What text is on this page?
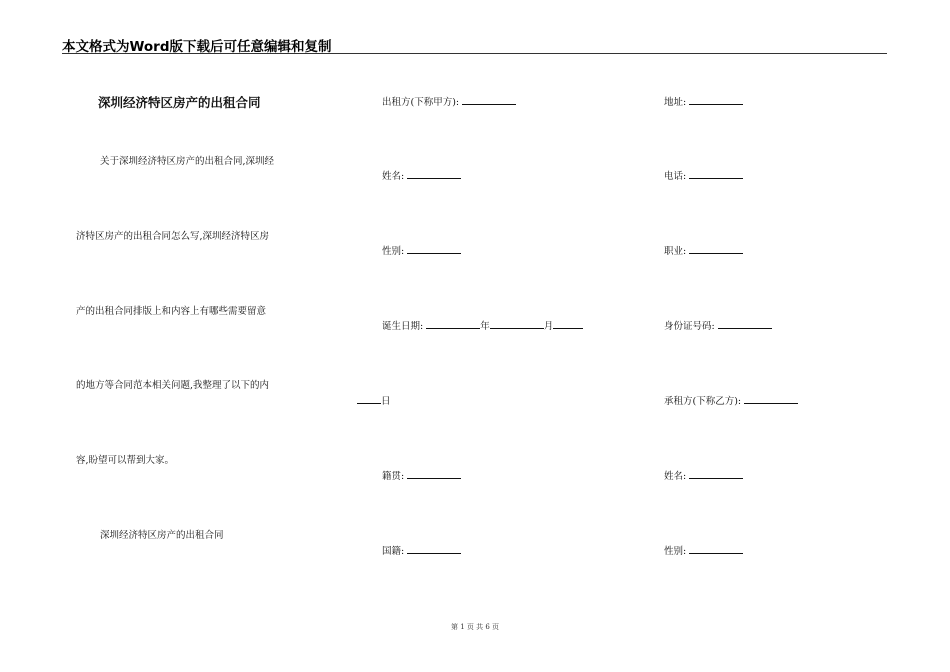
本文格式为Word版下载后可任意编辑和复制
深圳经济特区房产的出租合同
关于深圳经济特区房产的出租合同,深圳经
济特区房产的出租合同怎么写,深圳经济特区房
产的出租合同排版上和内容上有哪些需要留意
的地方等合同范本相关问题,我整理了以下的内
容,盼望可以帮到大家。
深圳经济特区房产的出租合同
出租方(下称甲方):
姓名:
性别:
诞生日期:	年	月
日
籍贯:
国籍:
地址:
电话:
职业:
身份证号码:
承租方(下称乙方):
姓名:
性别:
第 1 页 共 6 页
